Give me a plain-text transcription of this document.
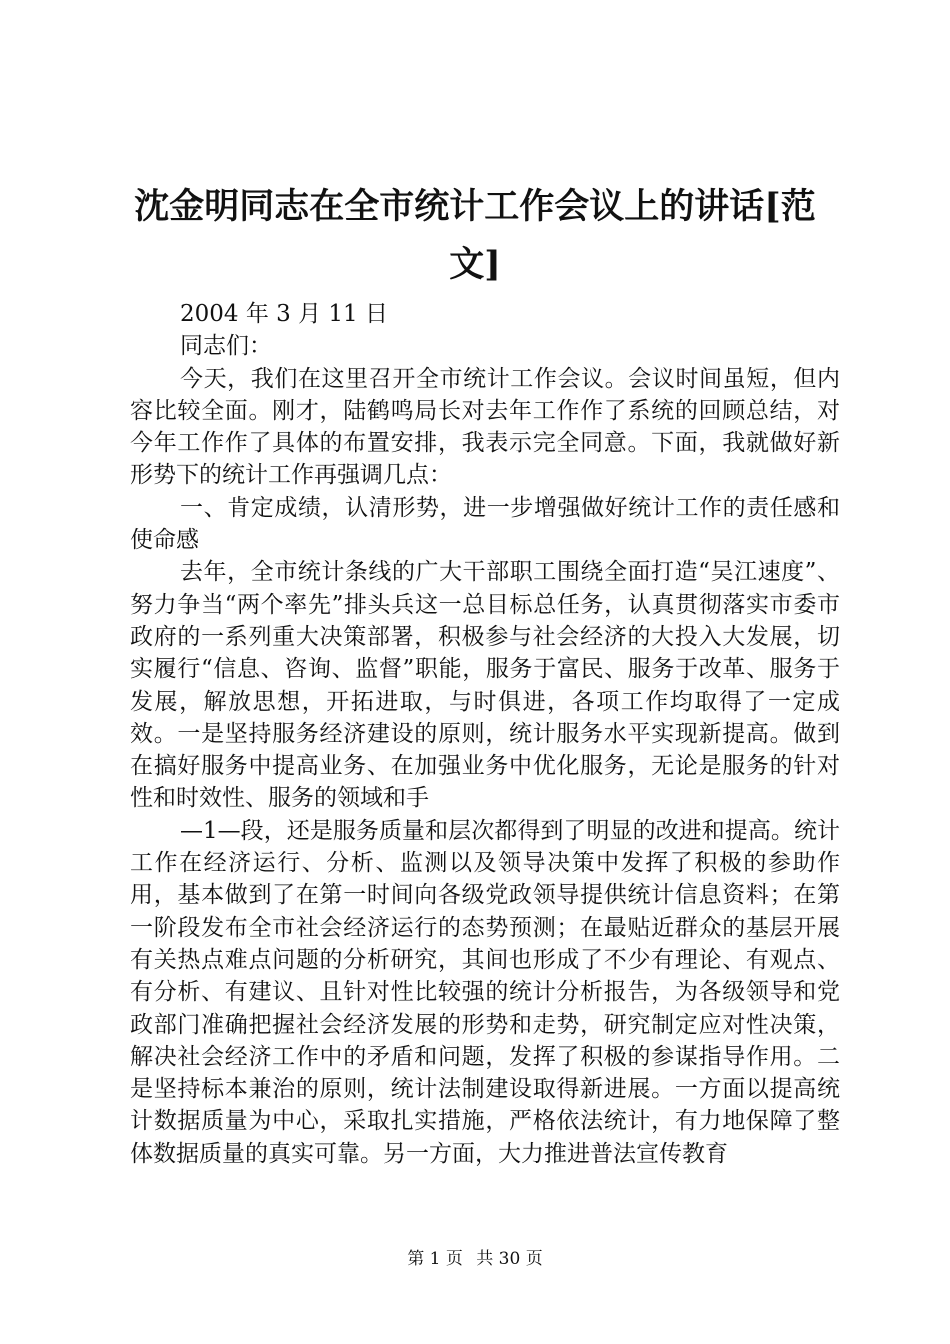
沈金明同志在全市统计工作会议上的讲话[范文]

2004 年 3 月 11 日

同志们：

今天，我们在这里召开全市统计工作会议。会议时间虽短，但内容比较全面。刚才，陆鹤鸣局长对去年工作作了系统的回顾总结，对今年工作作了具体的布置安排，我表示完全同意。下面，我就做好新形势下的统计工作再强调几点：

一、肯定成绩，认清形势，进一步增强做好统计工作的责任感和使命感

去年，全市统计条线的广大干部职工围绕全面打造“吴江速度”、努力争当“两个率先”排头兵这一总目标总任务，认真贯彻落实市委市政府的一系列重大决策部署，积极参与社会经济的大投入大发展，切实履行“信息、咨询、监督”职能，服务于富民、服务于改革、服务于发展，解放思想，开拓进取，与时俱进，各项工作均取得了一定成效。一是坚持服务经济建设的原则，统计服务水平实现新提高。做到在搞好服务中提高业务、在加强业务中优化服务，无论是服务的针对性和时效性、服务的领域和手

—1—段，还是服务质量和层次都得到了明显的改进和提高。统计工作在经济运行、分析、监测以及领导决策中发挥了积极的参助作用，基本做到了在第一时间向各级党政领导提供统计信息资料；在第一阶段发布全市社会经济运行的态势预测；在最贴近群众的基层开展有关热点难点问题的分析研究，其间也形成了不少有理论、有观点、有分析、有建议、且针对性比较强的统计分析报告，为各级领导和党政部门准确把握社会经济发展的形势和走势，研究制定应对性决策，解决社会经济工作中的矛盾和问题，发挥了积极的参谋指导作用。二是坚持标本兼治的原则，统计法制建设取得新进展。一方面以提高统计数据质量为中心，采取扎实措施，严格依法统计，有力地保障了整体数据质量的真实可靠。另一方面，大力推进普法宣传教育

第 1 页 共 30 页
